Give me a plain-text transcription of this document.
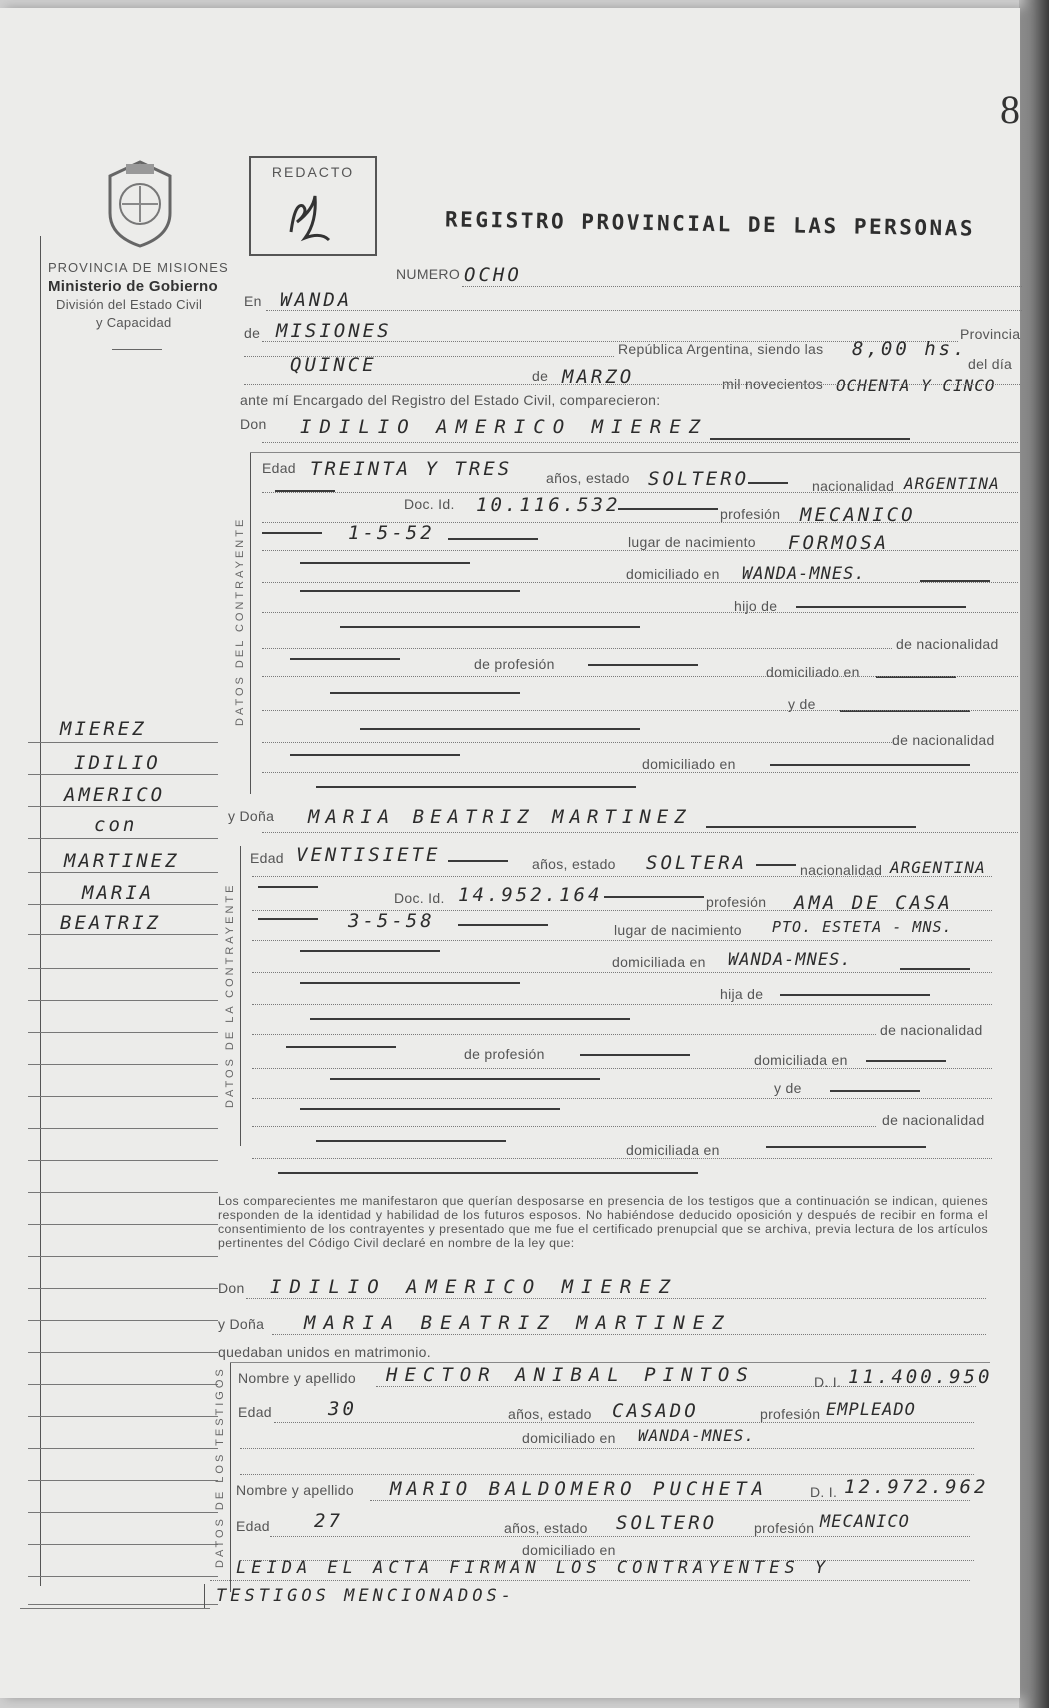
8
PROVINCIA DE MISIONES
Ministerio de Gobierno
División del Estado Civil
y Capacidad
REDACTO
REGISTRO PROVINCIAL DE LAS PERSONAS
NUMERO OCHO
En WANDA
de MISIONES	Provincia
República Argentina, siendo las 8,00 hs.
del día
QUINCE	de MARZO	mil novecientos OCHENTA Y CINCO
ante mí Encargado del Registro del Estado Civil, comparecieron:
Don IDILIO AMERICO MIEREZ
DATOS DEL CONTRAYENTE
Edad TREINTA Y TRES años, estado SOLTERO	nacionalidad ARGENTINA
Doc. Id. 10.116.532	profesión MECANICO
1-5-52	lugar de nacimiento FORMOSA
domiciliado en WANDA-MNES.
hijo de
de nacionalidad
de profesión	domiciliado en
y de
de nacionalidad
domiciliado en
y Doña MARIA BEATRIZ MARTINEZ
DATOS DE LA CONTRAYENTE
Edad VENTISIETE	años, estado SOLTERA	nacionalidad ARGENTINA
Doc. Id. 14.952.164	profesión AMA DE CASA
3-5-58	lugar de nacimiento PTO. ESTETA - MNS.
domiciliada en WANDA-MNES.
hija de
de nacionalidad
de profesión	domiciliada en
y de
de nacionalidad
domiciliada en
MIEREZ
IDILIO
AMERICO
con
MARTINEZ
MARIA
BEATRIZ
Los comparecientes me manifestaron que querían desposarse en presencia de los testigos que a continuación se indican, quienes responden de la identidad y habilidad de los futuros esposos. No habiéndose deducido oposición y después de recibir en forma el consentimiento de los contrayentes y presentado que me fue el certificado prenupcial que se archiva, previa lectura de los artículos pertinentes del Código Civil declaré en nombre de la ley que:
Don IDILIO AMERICO MIEREZ
y Doña MARIA BEATRIZ MARTINEZ
quedaban unidos en matrimonio.
DATOS DE LOS TESTIGOS Nombre y apellido HECTOR ANIBAL PINTOS	D. I. 11.400.950
Edad	30	años, estado CASADO	profesión EMPLEADO
domiciliado en WANDA-MNES.
Nombre y apellido MARIO BALDOMERO PUCHETA	D. I. 12.972.962
Edad 27	años, estado SOLTERO	profesión MECANICO
domiciliado en
LEIDA EL ACTA FIRMAN LOS CONTRAYENTES Y
TESTIGOS MENCIONADOS-
